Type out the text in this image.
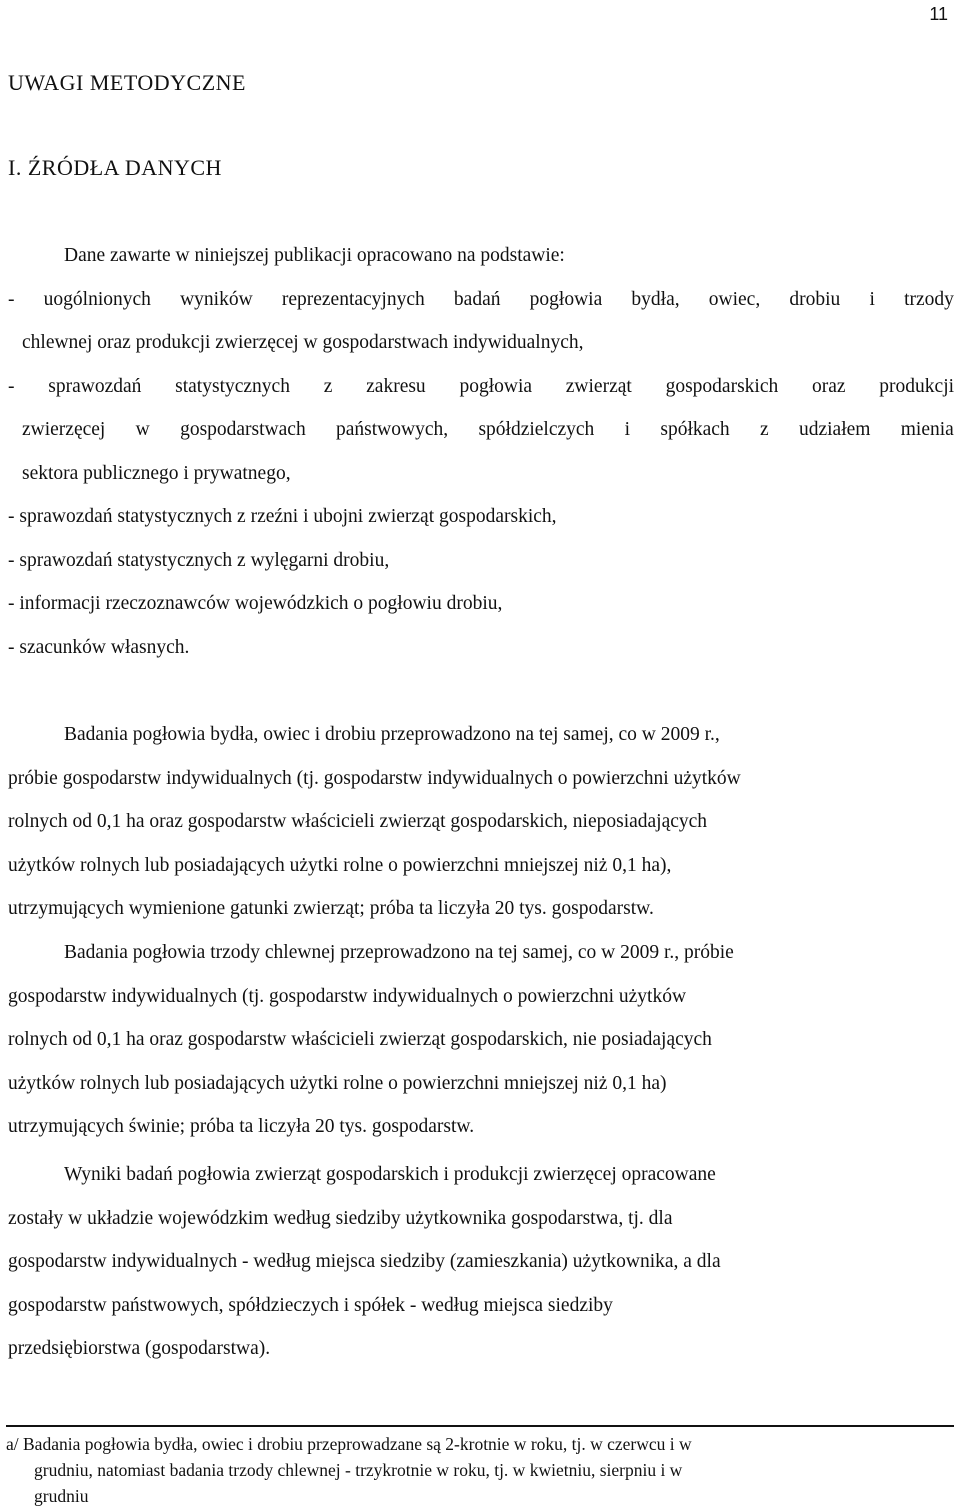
11
UWAGI METODYCZNE
I. ŹRÓDŁA DANYCH
Dane zawarte w niniejszej publikacji opracowano na podstawie:
- uogólnionych wyników reprezentacyjnych badań pogłowia bydła, owiec, drobiu i trzody
chlewnej oraz produkcji zwierzęcej w gospodarstwach indywidualnych,
- sprawozdań statystycznych z zakresu pogłowia zwierząt gospodarskich oraz produkcji
zwierzęcej w gospodarstwach państwowych, spółdzielczych i spółkach z udziałem mienia
sektora publicznego i prywatnego,
- sprawozdań statystycznych z rzeźni i ubojni zwierząt gospodarskich,
- sprawozdań statystycznych z wylęgarni drobiu,
- informacji rzeczoznawców wojewódzkich o pogłowiu drobiu,
- szacunków własnych.
Badania pogłowia bydła, owiec i drobiu przeprowadzono na tej samej, co w 2009 r.,
próbie gospodarstw indywidualnych (tj. gospodarstw indywidualnych o powierzchni użytków
rolnych od 0,1 ha oraz gospodarstw właścicieli zwierząt gospodarskich, nieposiadających
użytków rolnych lub posiadających użytki rolne o powierzchni mniejszej niż 0,1 ha),
utrzymujących wymienione gatunki zwierząt; próba ta liczyła 20 tys. gospodarstw.
Badania pogłowia trzody chlewnej przeprowadzono na tej samej, co w 2009 r., próbie
gospodarstw indywidualnych (tj. gospodarstw indywidualnych o powierzchni użytków
rolnych od 0,1 ha oraz gospodarstw właścicieli zwierząt gospodarskich, nie posiadających
użytków rolnych lub posiadających użytki rolne o powierzchni mniejszej niż 0,1 ha)
utrzymujących świnie; próba ta liczyła 20 tys. gospodarstw.
Wyniki badań pogłowia zwierząt gospodarskich i produkcji zwierzęcej opracowane
zostały w układzie wojewódzkim według siedziby użytkownika gospodarstwa, tj. dla
gospodarstw indywidualnych - według miejsca siedziby (zamieszkania) użytkownika, a dla
gospodarstw państwowych, spółdzieczych i spółek - według miejsca siedziby
przedsiębiorstwa (gospodarstwa).
a/ Badania pogłowia bydła, owiec i drobiu przeprowadzane są 2-krotnie w roku, tj. w czerwcu i w
grudniu, natomiast badania trzody chlewnej - trzykrotnie w roku, tj. w kwietniu, sierpniu i w
grudniu
